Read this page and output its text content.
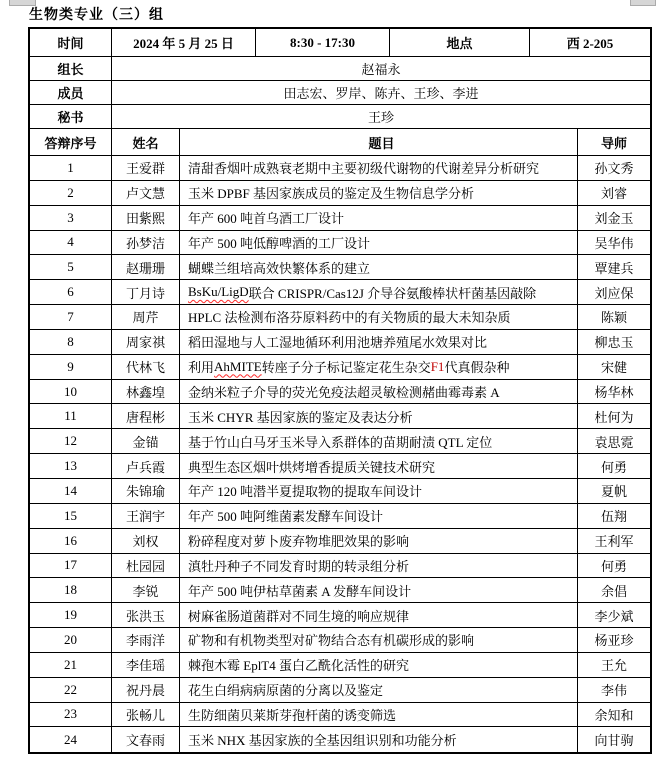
生物类专业（三）组
时间	2024 年 5 月 25 日	8:30 - 17:30	地点	西 2-205
组长	赵福永
成员	田志宏、罗岸、陈卉、王珍、李进
秘书	王珍
答辩序号	姓名	题目	导师
1	王爱群	清甜香烟叶成熟衰老期中主要初级代谢物的代谢差异分析研究	孙文秀
2	卢文慧	玉米 DPBF 基因家族成员的鉴定及生物信息学分析	刘睿
3	田紫熙	年产 600 吨首乌酒工厂设计	刘金玉
4	孙梦洁	年产 500 吨低醇啤酒的工厂设计	吴华伟
5	赵珊珊	蝴蝶兰组培高效快繁体系的建立	覃建兵
6	丁月诗	BsKu/LigD 联合 CRISPR/Cas12J 介导谷氨酸棒状杆菌基因敲除	刘应保
7	周芹	HPLC 法检测布洛芬原料药中的有关物质的最大未知杂质	陈颖
8	周家祺	稻田湿地与人工湿地循环利用池塘养殖尾水效果对比	柳忠玉
9	代林飞	利用 AhMITE 转座子分子标记鉴定花生杂交 F1 代真假杂种	宋健
10	林鑫堭	金纳米粒子介导的荧光免疫法超灵敏检测赭曲霉毒素 A	杨华林
11	唐程彬	玉米 CHYR 基因家族的鉴定及表达分析	杜何为
12	金锚	基于竹山白马牙玉米导入系群体的苗期耐渍 QTL 定位	袁思霓
13	卢兵霞	典型生态区烟叶烘烤增香提质关键技术研究	何勇
14	朱锦瑜	年产 120 吨潜半夏提取物的提取车间设计	夏帆
15	王润宇	年产 500 吨阿维菌素发酵车间设计	伍翔
16	刘权	粉碎程度对萝卜废弃物堆肥效果的影响	王利军
17	杜园园	滇牡丹种子不同发育时期的转录组分析	何勇
18	李锐	年产 500 吨伊枯草菌素 A 发酵车间设计	余倡
19	张洪玉	树麻雀肠道菌群对不同生境的响应规律	李少斌
20	李雨洋	矿物和有机物类型对矿物结合态有机碳形成的影响	杨亚珍
21	李佳瑶	棘孢木霉 EplT4 蛋白乙酰化活性的研究	王允
22	祝丹晨	花生白绢病病原菌的分离以及鉴定	李伟
23	张畅儿	生防细菌贝莱斯芽孢杆菌的诱变筛选	余知和
24	文春雨	玉米 NHX 基因家族的全基因组识别和功能分析	向甘驹
